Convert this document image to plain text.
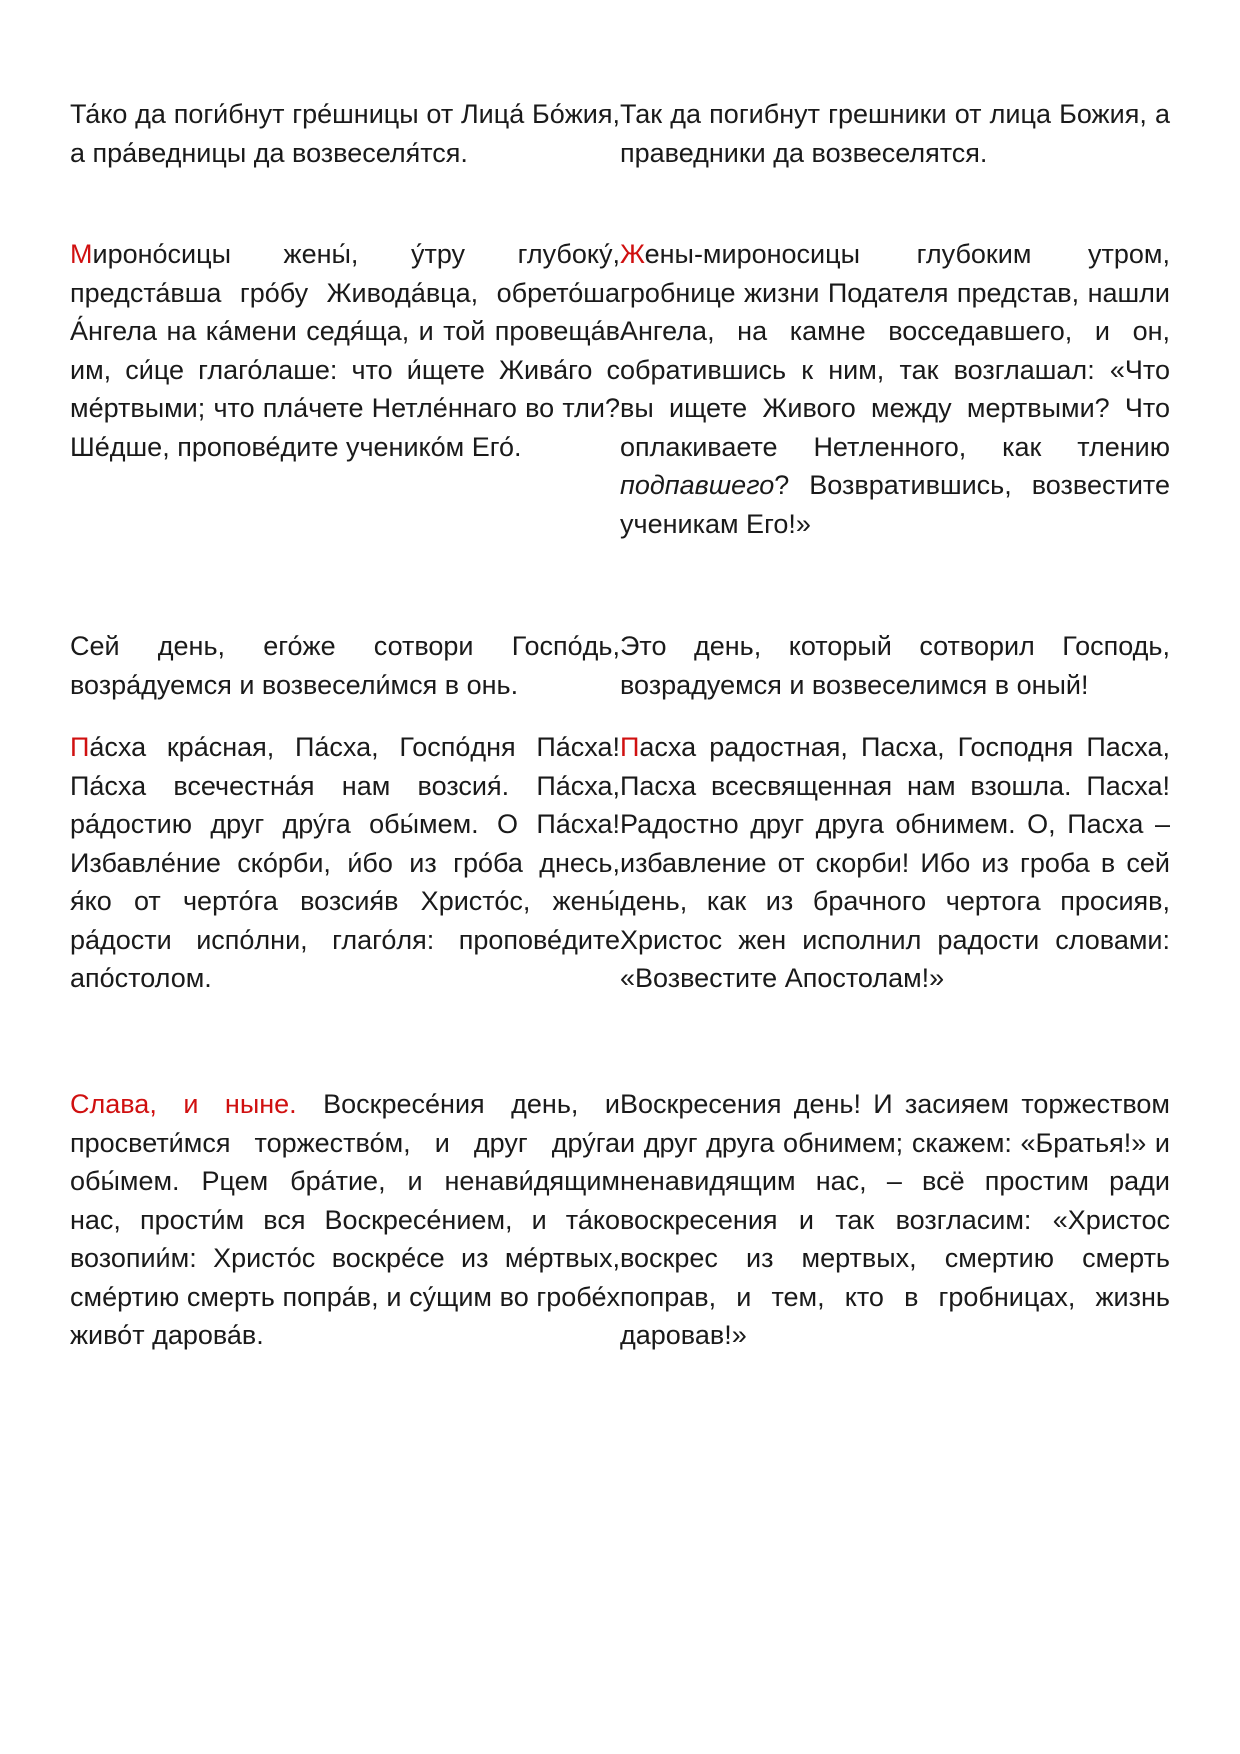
Та́ко да поги́бнут гре́шницы от Лица́ Бо́жия, а пра́ведницы да возвеселя́тся.

Так да погибнут грешники от лица Божия, а праведники да возвеселятся.

Мироно́сицы жены́, у́тру глубоку́, предста́вша гро́бу Живода́вца, обрето́ша А́нгела на ка́мени седя́ща, и той провеща́в им, си́це глаго́лаше: что и́щете Жива́го с ме́ртвыми; что пла́чете Нетле́ннаго во тли? Ше́дше, пропове́дите ученико́м Его́.

Жены-мироносицы глубоким утром, гробнице жизни Подателя представ, нашли Ангела, на камне восседавшего, и он, обратившись к ним, так возглашал: «Что вы ищете Живого между мертвыми? Что оплакиваете Нетленного, как тлению подпавшего? Возвратившись, возвестите ученикам Его!»

Сей день, его́же сотвори Госпо́дь, возра́дуемся и возвесели́мся в онь.

Это день, который сотворил Господь, возрадуемся и возвеселимся в оный!

Па́сха кра́сная, Па́сха, Госпо́дня Па́сха! Па́сха всечестна́я нам возсия́. Па́сха, ра́достию друг дру́га обы́мем. О Па́сха! Избавле́ние ско́рби, и́бо из гро́ба днесь, я́ко от черто́га возсия́в Христо́с, жены́ ра́дости испо́лни, глаго́ля: пропове́дите апо́столом.

Пасха радостная, Пасха, Господня Пасха, Пасха всесвященная нам взошла. Пасха! Радостно друг друга обнимем. О, Пасха – избавление от скорби! Ибо из гроба в сей день, как из брачного чертога просияв, Христос жен исполнил радости словами: «Возвестите Апостолам!»

Слава, и ныне. Воскресе́ния день, и просвети́мся торжество́м, и друг дру́га обы́мем. Рцем бра́тие, и ненави́дящим нас, прости́м вся Воскресе́нием, и та́ко возопии́м: Христо́с воскре́се из ме́ртвых, сме́ртию смерть попра́в, и су́щим во гробе́х живо́т дарова́в.

Воскресения день! И засияем торжеством и друг друга обнимем; скажем: «Братья!» и ненавидящим нас, – всё простим ради воскресения и так возгласим: «Христос воскрес из мертвых, смертию смерть поправ, и тем, кто в гробницах, жизнь даровав!»
